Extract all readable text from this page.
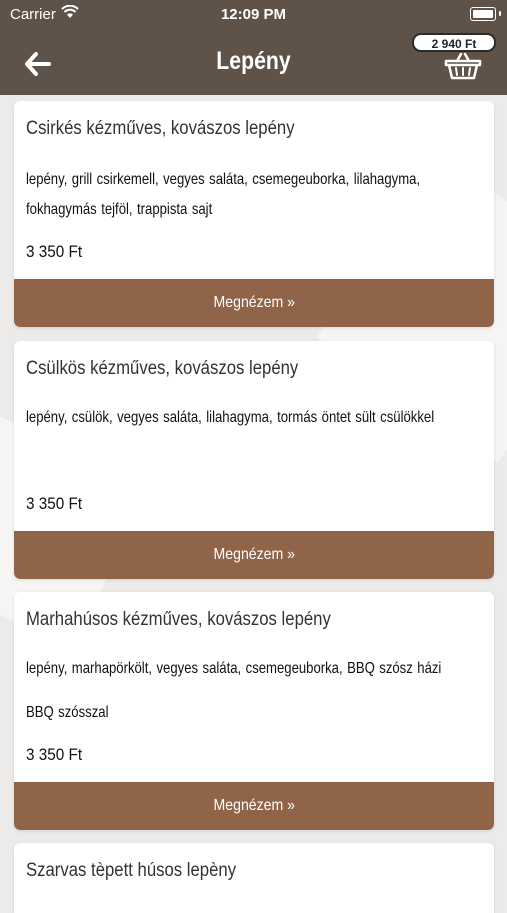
Carrier	12:09 PM
Lepény
2 940 Ft
Csirkés kézműves, kovászos lepény
lepény, grill csirkemell, vegyes saláta, csemegeuborka, lilahagyma, fokhagymás tejföl, trappista sajt
3 350 Ft
Megnézem »
Csülkös kézműves, kovászos lepény
lepény, csülök, vegyes saláta, lilahagyma, tormás öntet sült csülökkel
3 350 Ft
Megnézem »
Marhahúsos kézműves, kovászos lepény
lepény, marhapörkölt, vegyes saláta, csemegeuborka, BBQ szósz házi BBQ szósszal
3 350 Ft
Megnézem »
Szarvas tèpett húsos lepèny
